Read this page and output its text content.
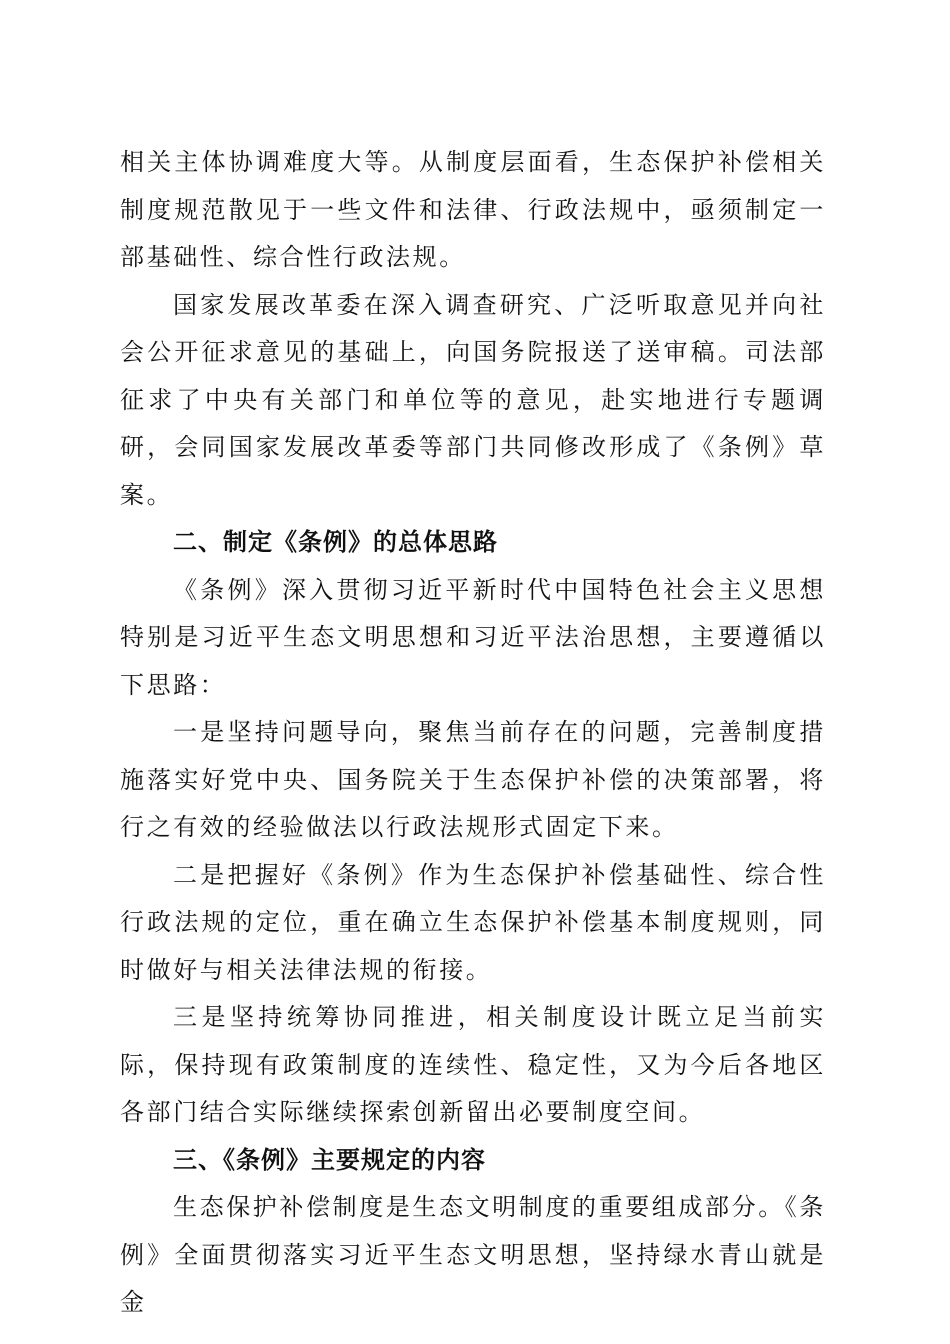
相关主体协调难度大等。从制度层面看，生态保护补偿相关制度规范散见于一些文件和法律、行政法规中，亟须制定一部基础性、综合性行政法规。

国家发展改革委在深入调查研究、广泛听取意见并向社会公开征求意见的基础上，向国务院报送了送审稿。司法部征求了中央有关部门和单位等的意见，赴实地进行专题调研，会同国家发展改革委等部门共同修改形成了《条例》草案。

二、制定《条例》的总体思路

《条例》深入贯彻习近平新时代中国特色社会主义思想特别是习近平生态文明思想和习近平法治思想，主要遵循以下思路：

一是坚持问题导向，聚焦当前存在的问题，完善制度措施落实好党中央、国务院关于生态保护补偿的决策部署，将行之有效的经验做法以行政法规形式固定下来。

二是把握好《条例》作为生态保护补偿基础性、综合性行政法规的定位，重在确立生态保护补偿基本制度规则，同时做好与相关法律法规的衔接。

三是坚持统筹协同推进，相关制度设计既立足当前实际，保持现有政策制度的连续性、稳定性，又为今后各地区各部门结合实际继续探索创新留出必要制度空间。

三、《条例》主要规定的内容

生态保护补偿制度是生态文明制度的重要组成部分。《条例》全面贯彻落实习近平生态文明思想，坚持绿水青山就是金
